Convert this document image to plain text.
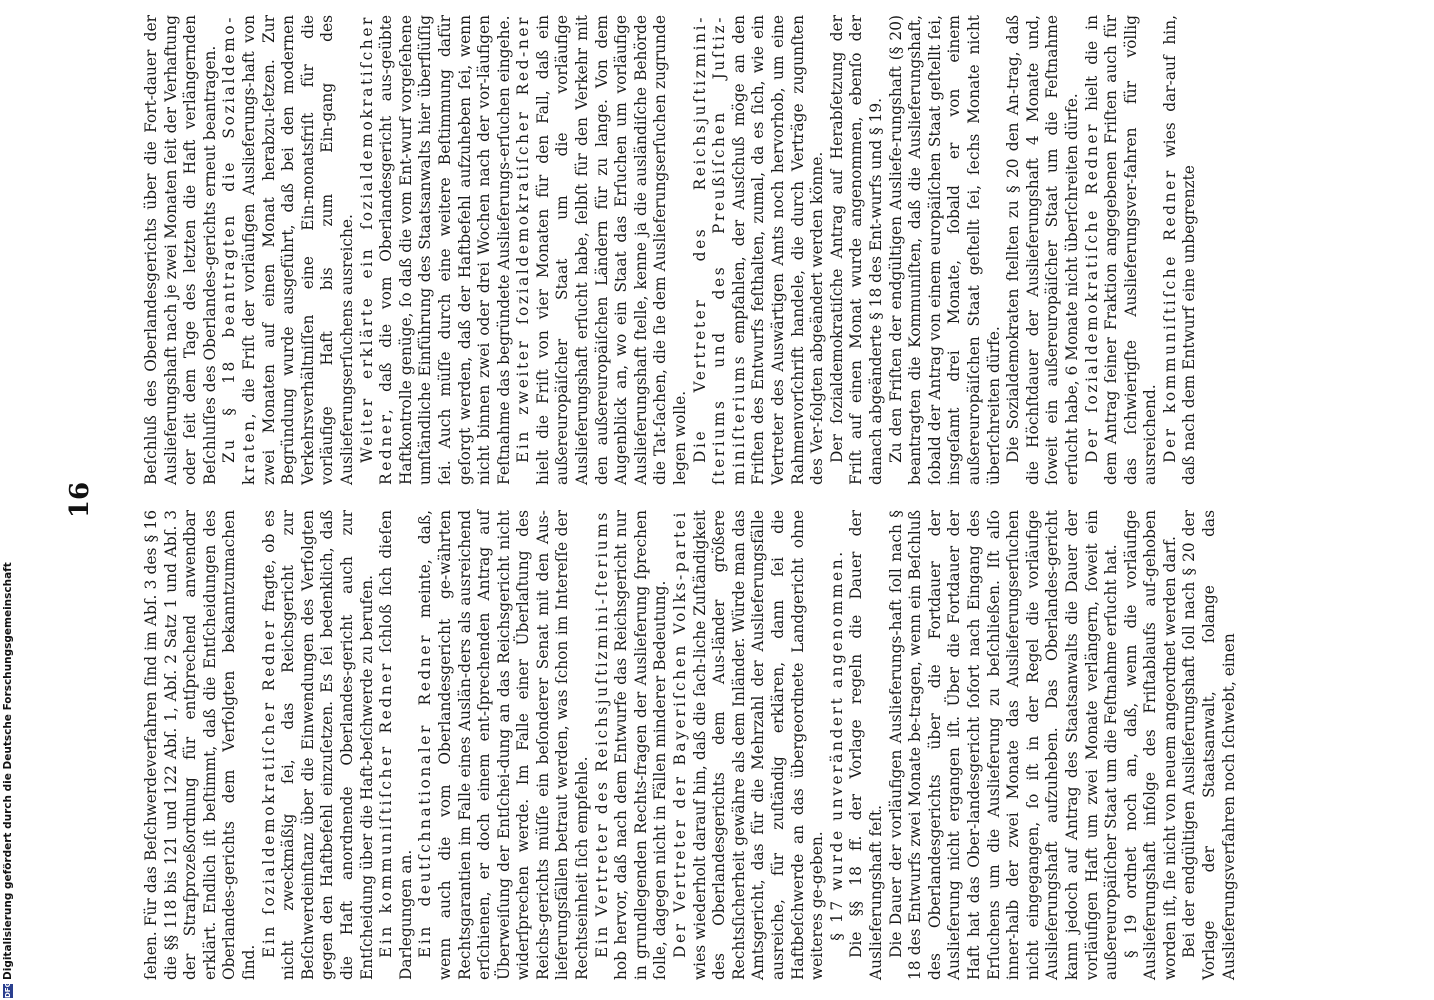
16

ſehen. Für das Beſchwerdeverfahren ſind im Abſ. 3 des § 16 die §§ 118 bis 121 und 122 Abſ. 1, Abſ. 2 Satz 1 und Abſ. 3 der Strafprozeßordnung für entſprechend anwendbar erklärt. Endlich iſt beſtimmt, daß die Entſcheidungen des Oberlandes-gerichts dem Verfolgten bekanntzumachen ſind.

Ein ſozialdemokratiſcher Redner fragte, ob es nicht zweckmäßig ſei, das Reichsgericht zur Beſchwerdeinſtanz über die Einwendungen des Verfolgten gegen den Haftbefehl einzuſetzen. Es ſei bedenklich, daß die Haft anordnende Oberlandes-gericht auch zur Entſcheidung über die Haft-beſchwerde zu berufen. Ein kommuniſtiſcher Redner ſchloß ſich dieſen Darlegungen an. Ein deutſchnationaler Redner meinte, daß, wenn auch die vom Oberlandesgericht ge-währten Rechtsgarantien im Falle eines Auslän-ders als ausreichend erſchienen, er doch einem ent-ſprechenden Antrag auf Überweiſung der Entſchei-dung an das Reichsgericht nicht widerſprechen werde. Im Falle einer Überlaſtung des Reichs-gerichts müſſe ein beſonderer Senat mit den Aus-lieferungsfällen betraut werden, was ſchon im Intereſſe der Rechtseinheit ſich empfehle. Ein Vertreter des Reichsjuſtizmini-ſteriums hob hervor, daß nach dem Entwurfe das Reichsgericht nur in grundlegenden Rechts-fragen der Auslieferung ſprechen ſolle, dagegen nicht in Fällen minderer Bedeutung. Der Vertreter der Bayeriſchen Volks-partei wies wiederholt darauf hin, daß die ſach-liche Zuſtändigkeit des Oberlandesgerichts dem Aus-länder größere Rechtsſicherheit gewähre als dem Inländer. Würde man das Amtsgericht, das für die Mehrzahl der Auslieferungsfälle ausreiche, für zuſtändig erklären, dann ſei die Haftbeſchwerde an das übergeordnete Landgericht ohne weiteres ge-geben. § 17 wurde unverändert angenommen. Die §§ 18 ff. der Vorlage regeln die Dauer der Auslieferungshaft feſt. Die Dauer der vorläufigen Auslieferungs-haft ſoll nach § 18 des Entwurfs zwei Monate be-tragen, wenn ein Beſchluß des Oberlandesgerichts über die Fortdauer der Auslieferung nicht ergangen iſt. Über die Fortdauer der Haft hat das Ober-landesgericht ſofort nach Eingang des Erſuchens um die Auslieferung zu beſchließen. Iſt alſo inner-halb der zwei Monate das Auslieferungserſuchen nicht eingegangen, ſo iſt in der Regel die vorläufige Auslieferungshaft aufzuheben. Das Oberlandes-gericht kann jedoch auf Antrag des Staatsanwalts die Dauer der vorläufigen Haft um zwei Monate verlängern, ſoweit ein außereuropäiſcher Staat um die Feſtnahme erſucht hat. § 19 ordnet noch an, daß, wenn die vorläufige Auslieferungshaft infolge des Friſtablaufs auf-gehoben worden iſt, ſie nicht von neuem angeordnet werden darf. Bei der endgültigen Auslieferungshaft ſoll nach § 20 der Vorlage der Staatsanwalt, ſolange das Auslieferungsverfahren noch ſchwebt, einen

Beſchluß des Oberlandesgerichts über die Fort-dauer der Auslieferungshaft nach je zwei Monaten ſeit der Verhaftung oder ſeit dem Tage des letzten die Haft verlängernden Beſchluſſes des Oberlandes-gerichts erneut beantragen. Zu § 18 beantragten die Sozialdemo-kraten, die Friſt der vorläufigen Auslieferungs-haft von zwei Monaten auf einen Monat herabzu-ſetzen. Zur Begründung wurde ausgeführt, daß bei den modernen Verkehrsverhältniſſen eine Ein-monatsfriſt für die vorläufige Haft bis zum Ein-gang des Auslieferungserſuchens ausreiche. Weiter erklärte ein ſozialdemokratiſcher Redner, daß die vom Oberlandesgericht aus-geübte Haftkontrolle genüge, ſo daß die vom Ent-wurf vorgeſehene umſtändliche Einführung des Staatsanwalts hier überflüſſig ſei. Auch müſſe durch eine weitere Beſtimmung dafür geſorgt werden, daß der Haftbefehl aufzuheben ſei, wenn nicht binnen zwei oder drei Wochen nach der vor-läufigen Feſtnahme das begründete Auslieferungs-erſuchen eingehe. Ein zweiter ſozialdemokratiſcher Red-ner hielt die Friſt von vier Monaten für den Fall, daß ein außereuropäiſcher Staat um die vorläufige Auslieferungshaft erſucht habe, ſelbſt für den Verkehr mit den außereuropäiſchen Ländern für zu lange. Von dem Augenblick an, wo ein Staat das Erſuchen um vorläufige Auslieferungshaft ſtelle, kenne ja die ausländiſche Behörde die Tat-ſachen, die ſie dem Auslieferungserſuchen zugrunde legen wolle. Die Vertreter des Reichsjuſtizmini-ſteriums und des Preußiſchen Juſtiz-miniſteriums empfahlen, der Ausſchuß möge an den Friſten des Entwurfs feſthalten, zumal, da es ſich, wie ein Vertreter des Auswärtigen Amts noch hervorhob, um eine Rahmenvorſchrift handele, die durch Verträge zugunſten des Ver-folgten abgeändert werden könne. Der ſozialdemokratiſche Antrag auf Herabſetzung der Friſt auf einen Monat wurde angenommen, ebenſo der danach abgeänderte § 18 des Ent-wurfs und § 19. Zu den Friſten der endgültigen Ausliefe-rungshaft (§ 20) beantragten die Kommuniſten, daß die Auslieferungshaft, ſobald der Antrag von einem europäiſchen Staat geſtellt ſei, insgeſamt drei Monate, ſobald er von einem außereuropäiſchen Staat geſtellt ſei, ſechs Monate nicht überſchreiten dürfe. Die Sozialdemokraten ſtellten zu § 20 den An-trag, daß die Höchſtdauer der Auslieferungshaft 4 Monate und, ſoweit ein außereuropäiſcher Staat um die Feſtnahme erſucht habe, 6 Monate nicht überſchreiten dürfe. Der ſozialdemokratiſche Redner hielt die in dem Antrag ſeiner Fraktion angegebenen Friſten auch für das ſchwierigſte Auslieferungsver-fahren für völlig ausreichend. Der kommuniſtiſche Redner wies dar-auf hin, daß nach dem Entwurf eine unbegrenzte

DFGDigitalisierung gefördert durch die Deutsche Forschungsgemeinschaft
